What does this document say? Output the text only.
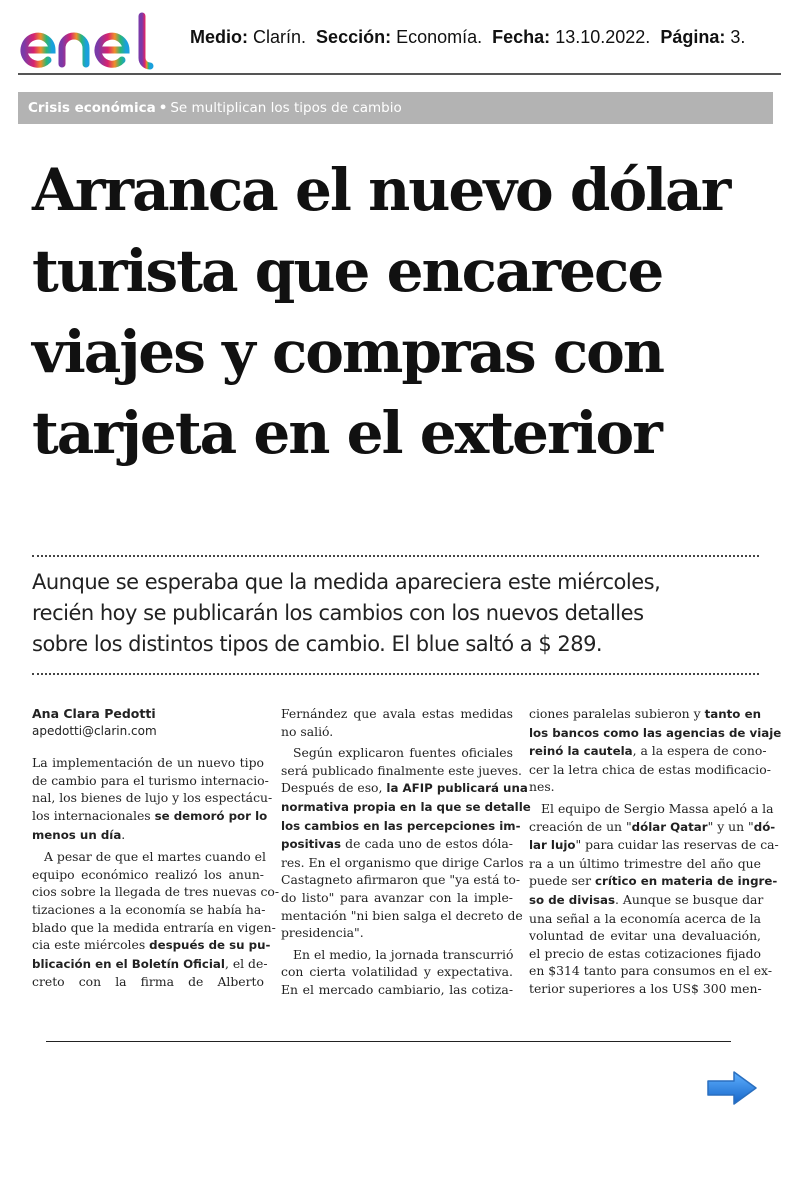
Medio: Clarín. Sección: Economía. Fecha: 13.10.2022. Página: 3.
Crisis económica • Se multiplican los tipos de cambio
Arranca el nuevo dólar
turista que encarece
viajes y compras con
tarjeta en el exterior

Aunque se esperaba que la medida apareciera este miércoles,
recién hoy se publicarán los cambios con los nuevos detalles
sobre los distintos tipos de cambio. El blue saltó a $ 289.

Ana Clara Pedotti
apedotti@clarin.com
La implementación de un nuevo tipo
de cambio para el turismo internacio-
nal, los bienes de lujo y los espectácu-
los internacionales se demoró por lo
menos un día.
A pesar de que el martes cuando el
equipo económico realizó los anun-
cios sobre la llegada de tres nuevas co-
tizaciones a la economía se había ha-
blado que la medida entraría en vigen-
cia este miércoles después de su pu-
blicación en el Boletín Oficial, el de-
creto con la firma de Alberto
Fernández que avala estas medidas
no salió.
Según explicaron fuentes oficiales
será publicado finalmente este jueves.
Después de eso, la AFIP publicará una
normativa propia en la que se detalle
los cambios en las percepciones im-
positivas de cada uno de estos dóla-
res. En el organismo que dirige Carlos
Castagneto afirmaron que "ya está to-
do listo" para avanzar con la imple-
mentación "ni bien salga el decreto de
presidencia".
En el medio, la jornada transcurrió
con cierta volatilidad y expectativa.
En el mercado cambiario, las cotiza-
ciones paralelas subieron y tanto en
los bancos como las agencias de viaje
reinó la cautela, a la espera de cono-
cer la letra chica de estas modificacio-
nes.
El equipo de Sergio Massa apeló a la
creación de un "dólar Qatar" y un "dó-
lar lujo" para cuidar las reservas de ca-
ra a un último trimestre del año que
puede ser crítico en materia de ingre-
so de divisas. Aunque se busque dar
una señal a la economía acerca de la
voluntad de evitar una devaluación,
el precio de estas cotizaciones fijado
en $314 tanto para consumos en el ex-
terior superiores a los US$ 300 men-
